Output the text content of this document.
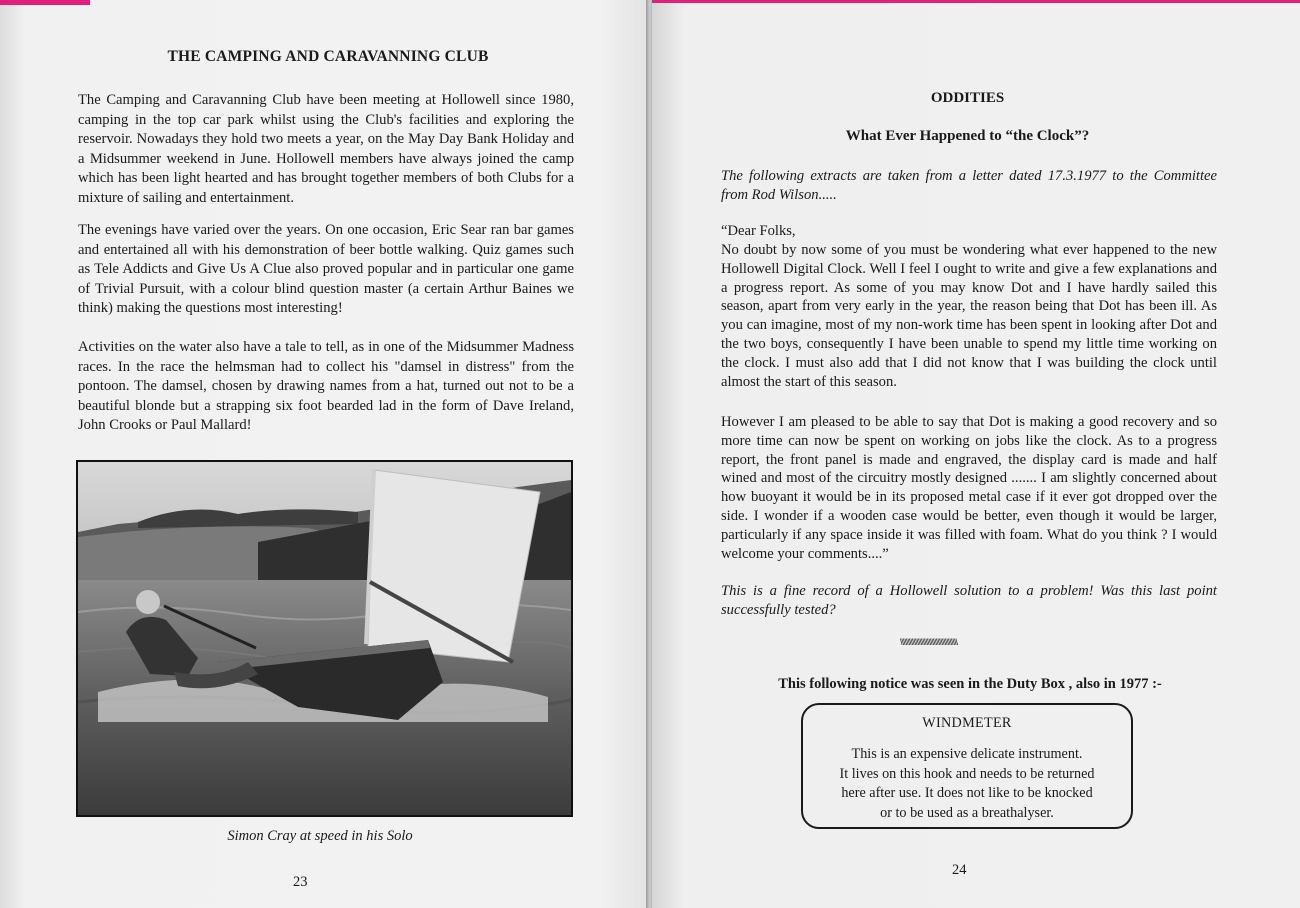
THE CAMPING AND CARAVANNING CLUB

The Camping and Caravanning Club have been meeting at Hollowell since 1980, camping in the top car park whilst using the Club's facilities and exploring the reservoir. Nowadays they hold two meets a year, on the May Day Bank Holiday and a Midsummer weekend in June. Hollowell members have always joined the camp which has been light hearted and has brought together members of both Clubs for a mixture of sailing and entertainment.

The evenings have varied over the years. On one occasion, Eric Sear ran bar games and entertained all with his demonstration of beer bottle walking. Quiz games such as Tele Addicts and Give Us A Clue also proved popular and in particular one game of Trivial Pursuit, with a colour blind question master (a certain Arthur Baines we think) making the questions most interesting!

Activities on the water also have a tale to tell, as in one of the Midsummer Madness races. In the race the helmsman had to collect his "damsel in distress" from the pontoon. The damsel, chosen by drawing names from a hat, turned out not to be a beautiful blonde but a strapping six foot bearded lad in the form of Dave Ireland, John Crooks or Paul Mallard!

Simon Cray at speed in his Solo
23
ODDITIES
What Ever Happened to “the Clock”?

The following extracts are taken from a letter dated 17.3.1977 to the Committee from Rod Wilson.....

“Dear Folks,

No doubt by now some of you must be wondering what ever happened to the new Hollowell Digital Clock. Well I feel I ought to write and give a few explanations and a progress report. As some of you may know Dot and I have hardly sailed this season, apart from very early in the year, the reason being that Dot has been ill. As you can imagine, most of my non-work time has been spent in looking after Dot and the two boys, consequently I have been unable to spend my little time working on the clock. I must also add that I did not know that I was building the clock until almost the start of this season.

However I am pleased to be able to say that Dot is making a good recovery and so more time can now be spent on working on jobs like the clock. As to a progress report, the front panel is made and engraved, the display card is made and half wined and most of the circuitry mostly designed ....... I am slightly concerned about how buoyant it would be in its proposed metal case if it ever got dropped over the side. I wonder if a wooden case would be better, even though it would be larger, particularly if any space inside it was filled with foam. What do you think ? I would welcome your comments....”

This is a fine record of a Hollowell solution to a problem! Was this last point successfully tested?

\\\\\\\\\\\\\\\\\\\\\\\\\\\\\\\\\\\\\\
This following notice was seen in the Duty Box , also in 1977 :-
WINDMETER
This is an expensive delicate instrument.
It lives on this hook and needs to be returned
here after use. It does not like to be knocked
or to be used as a breathalyser.
24
